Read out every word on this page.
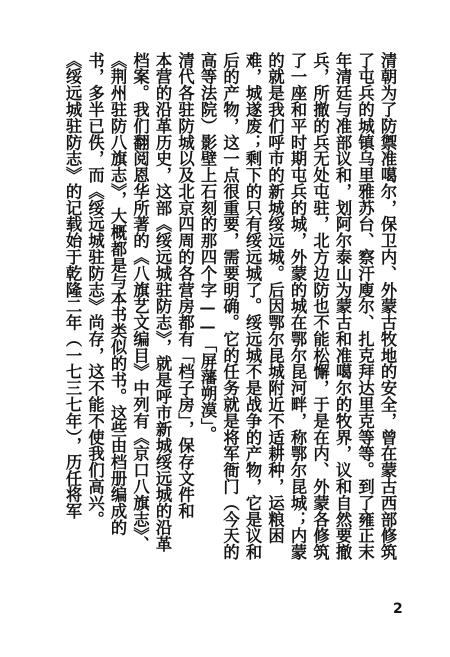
清朝为了防禦准噶尔，保卫内、外蒙古牧地的安全，曾在蒙古西部修筑
了屯兵的城镇乌里雅苏台、察汗廋尔、扎克拜达里克等等。到了雍正末
年清廷与准部议和，划阿尔泰山为蒙古和准噶尔的牧界，议和自然要撤
兵，所撤的兵无处屯驻，北方边防也不能松懈，于是在内、外蒙各修筑
了一座和平时期屯兵的城，外蒙的城在鄂尔昆河畔，称鄂尔昆城；内蒙
的就是我们呼市的新城绥远城。后因鄂尔昆城附近不适耕种，运粮困
难，城遂废；剩下的只有绥远城了。绥远城不是战争的产物，它是议和
后的产物，这一点很重要，需要明确。它的任务就是将军衙门（今天的
高等法院）影壁上石刻的那四个字——「屏藩朔漠」。
清代各驻防城以及北京四周的各营房都有「档子房」，保存文件和
本营的沿革历史，这部《绥远城驻防志》，就是呼市新城绥远城的沿革
档案。我们翻阅恩华所著的《八旗艺文编目》中列有《京口八旗志》、
《荆州驻防八旗志》，大概都是与本书类似的书。这些由档册编成的
书，多半已佚，而《绥远城驻防志》尚存，这不能不使我们高兴。
《绥远城驻防志》的记载始于乾隆二年（一七三七年），历任将军
2
